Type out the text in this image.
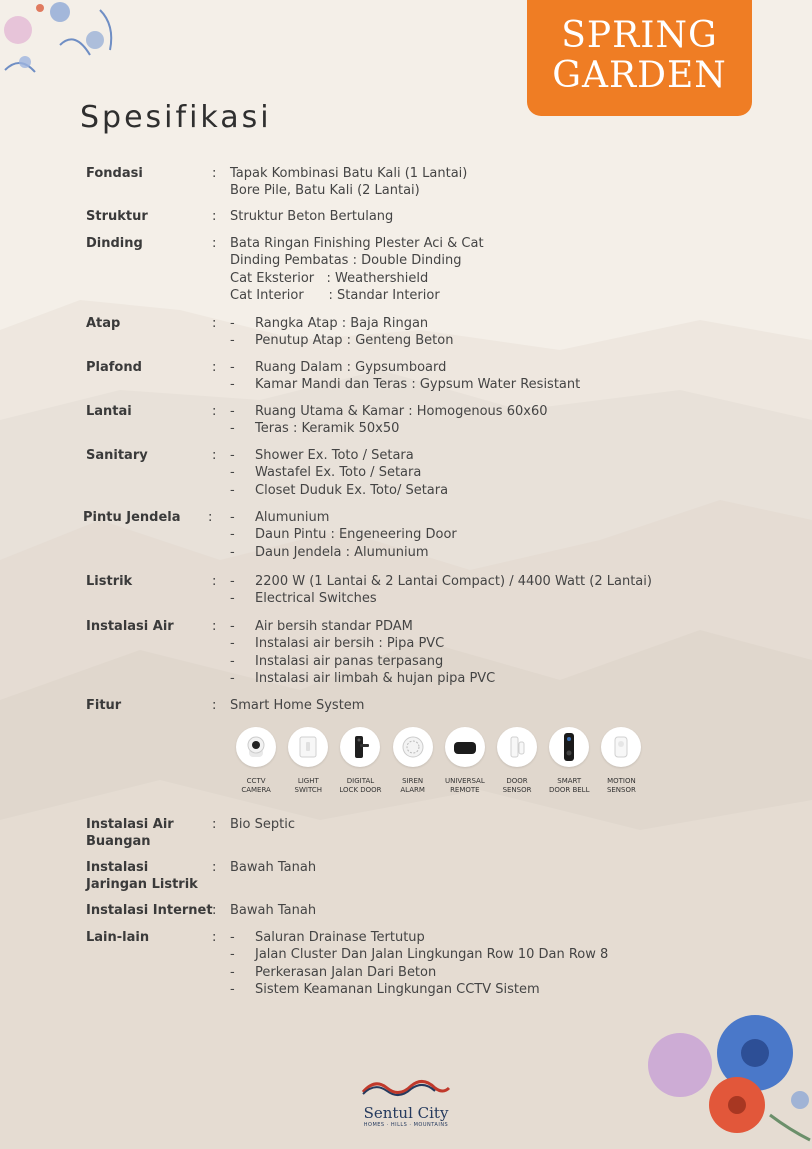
SPRING
GARDEN
Spesifikasi
Fondasi	: Tapak Kombinasi Batu Kali (1 Lantai)
Bore Pile, Batu Kali (2 Lantai)
Struktur	: Struktur Beton Bertulang
Dinding	: Bata Ringan Finishing Plester Aci & Cat
Dinding Pembatas : Double Dinding
Cat Eksterior   : Weathershield
Cat Interior      : Standar Interior
Atap	: - Rangka Atap : Baja Ringan
- Penutup Atap : Genteng Beton
Plafond	: - Ruang Dalam : Gypsumboard
- Kamar Mandi dan Teras : Gypsum Water Resistant
Lantai	: - Ruang Utama & Kamar : Homogenous 60x60
- Teras : Keramik 50x50
Sanitary	: - Shower Ex. Toto / Setara
- Wastafel Ex. Toto / Setara
- Closet Duduk Ex. Toto/ Setara
Pintu Jendela	: - Alumunium
- Daun Pintu : Engeneering Door
- Daun Jendela : Alumunium
Listrik	: - 2200 W (1 Lantai & 2 Lantai Compact) / 4400 Watt (2 Lantai)
- Electrical Switches
Instalasi Air	: - Air bersih standar PDAM
- Instalasi air bersih : Pipa PVC
- Instalasi air panas terpasang
- Instalasi air limbah & hujan pipa PVC
Fitur	: Smart Home System
Instalasi Air Buangan
: Bio Septic
Instalasi Jaringan Listrik
: Bawah Tanah
Instalasi Internet : Bawah Tanah
Lain-lain	: - Saluran Drainase Tertutup
- Jalan Cluster Dan Jalan Lingkungan Row 10 Dan Row 8
- Perkerasan Jalan Dari Beton
- Sistem Keamanan Lingkungan CCTV Sistem
CCTV
CAMERA
LIGHT
SWITCH
DIGITAL
LOCK DOOR
SIREN
ALARM
UNIVERSAL
REMOTE
DOOR
SENSOR
SMART
DOOR BELL
MOTION
SENSOR
Sentul City
HOMES · HILLS · MOUNTAINS
